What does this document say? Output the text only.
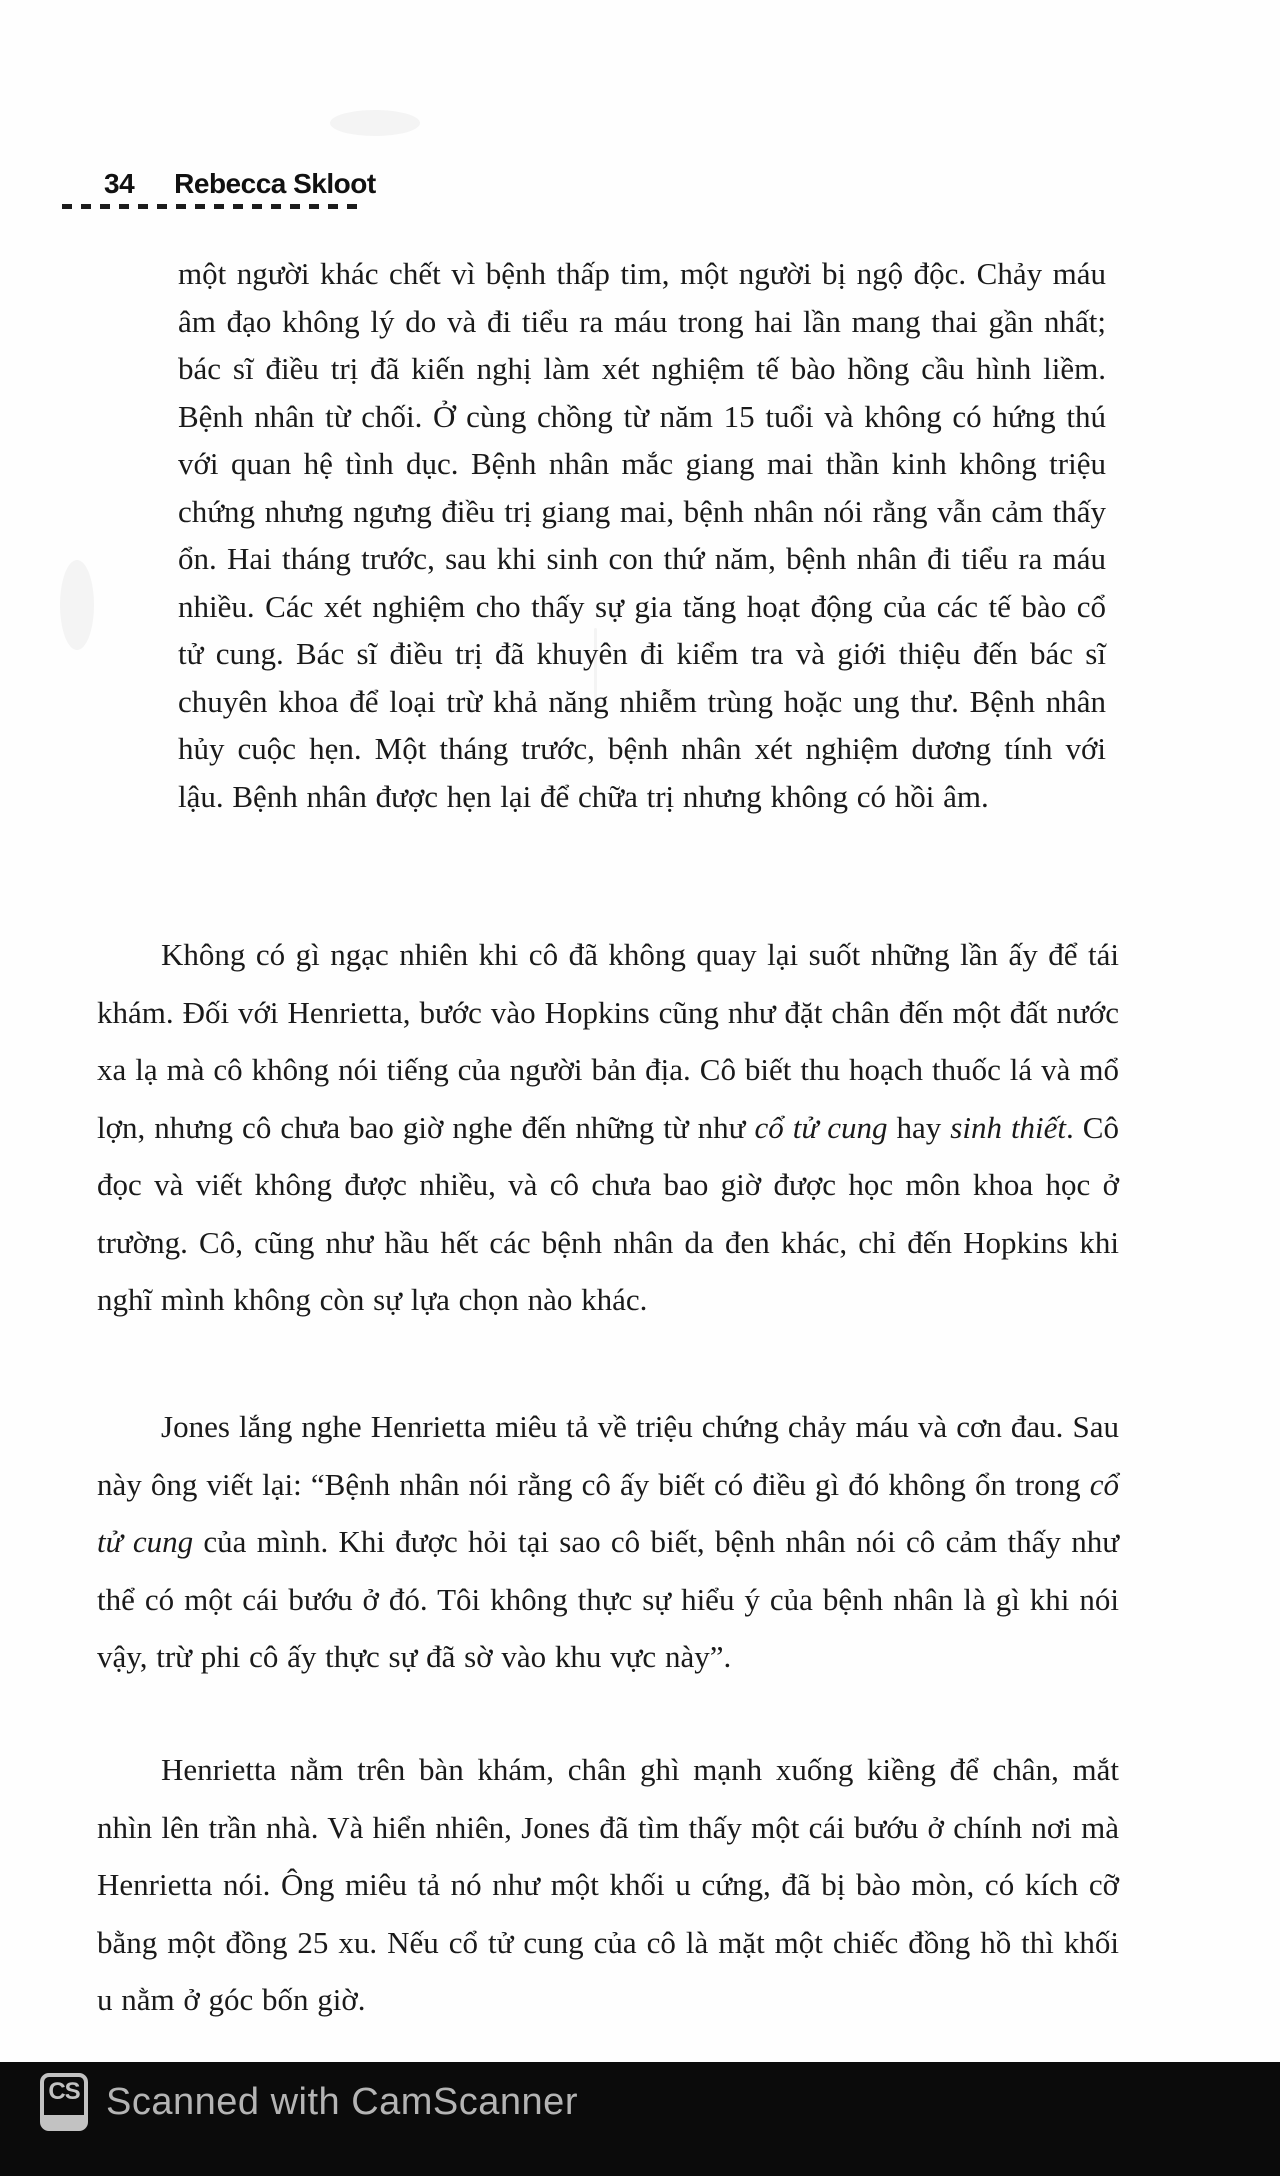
34 Rebecca Skloot
một người khác chết vì bệnh thấp tim, một người bị ngộ độc. Chảy máu âm đạo không lý do và đi tiểu ra máu trong hai lần mang thai gần nhất; bác sĩ điều trị đã kiến nghị làm xét nghiệm tế bào hồng cầu hình liềm. Bệnh nhân từ chối. Ở cùng chồng từ năm 15 tuổi và không có hứng thú với quan hệ tình dục. Bệnh nhân mắc giang mai thần kinh không triệu chứng nhưng ngưng điều trị giang mai, bệnh nhân nói rằng vẫn cảm thấy ổn. Hai tháng trước, sau khi sinh con thứ năm, bệnh nhân đi tiểu ra máu nhiều. Các xét nghiệm cho thấy sự gia tăng hoạt động của các tế bào cổ tử cung. Bác sĩ điều trị đã khuyên đi kiểm tra và giới thiệu đến bác sĩ chuyên khoa để loại trừ khả năng nhiễm trùng hoặc ung thư. Bệnh nhân hủy cuộc hẹn. Một tháng trước, bệnh nhân xét nghiệm dương tính với lậu. Bệnh nhân được hẹn lại để chữa trị nhưng không có hồi âm.
Không có gì ngạc nhiên khi cô đã không quay lại suốt những lần ấy để tái khám. Đối với Henrietta, bước vào Hopkins cũng như đặt chân đến một đất nước xa lạ mà cô không nói tiếng của người bản địa. Cô biết thu hoạch thuốc lá và mổ lợn, nhưng cô chưa bao giờ nghe đến những từ như cổ tử cung hay sinh thiết. Cô đọc và viết không được nhiều, và cô chưa bao giờ được học môn khoa học ở trường. Cô, cũng như hầu hết các bệnh nhân da đen khác, chỉ đến Hopkins khi nghĩ mình không còn sự lựa chọn nào khác.
Jones lắng nghe Henrietta miêu tả về triệu chứng chảy máu và cơn đau. Sau này ông viết lại: “Bệnh nhân nói rằng cô ấy biết có điều gì đó không ổn trong cổ tử cung của mình. Khi được hỏi tại sao cô biết, bệnh nhân nói cô cảm thấy như thể có một cái bướu ở đó. Tôi không thực sự hiểu ý của bệnh nhân là gì khi nói vậy, trừ phi cô ấy thực sự đã sờ vào khu vực này”.
Henrietta nằm trên bàn khám, chân ghì mạnh xuống kiềng để chân, mắt nhìn lên trần nhà. Và hiển nhiên, Jones đã tìm thấy một cái bướu ở chính nơi mà Henrietta nói. Ông miêu tả nó như một khối u cứng, đã bị bào mòn, có kích cỡ bằng một đồng 25 xu. Nếu cổ tử cung của cô là mặt một chiếc đồng hồ thì khối u nằm ở góc bốn giờ.
CS Scanned with CamScanner
